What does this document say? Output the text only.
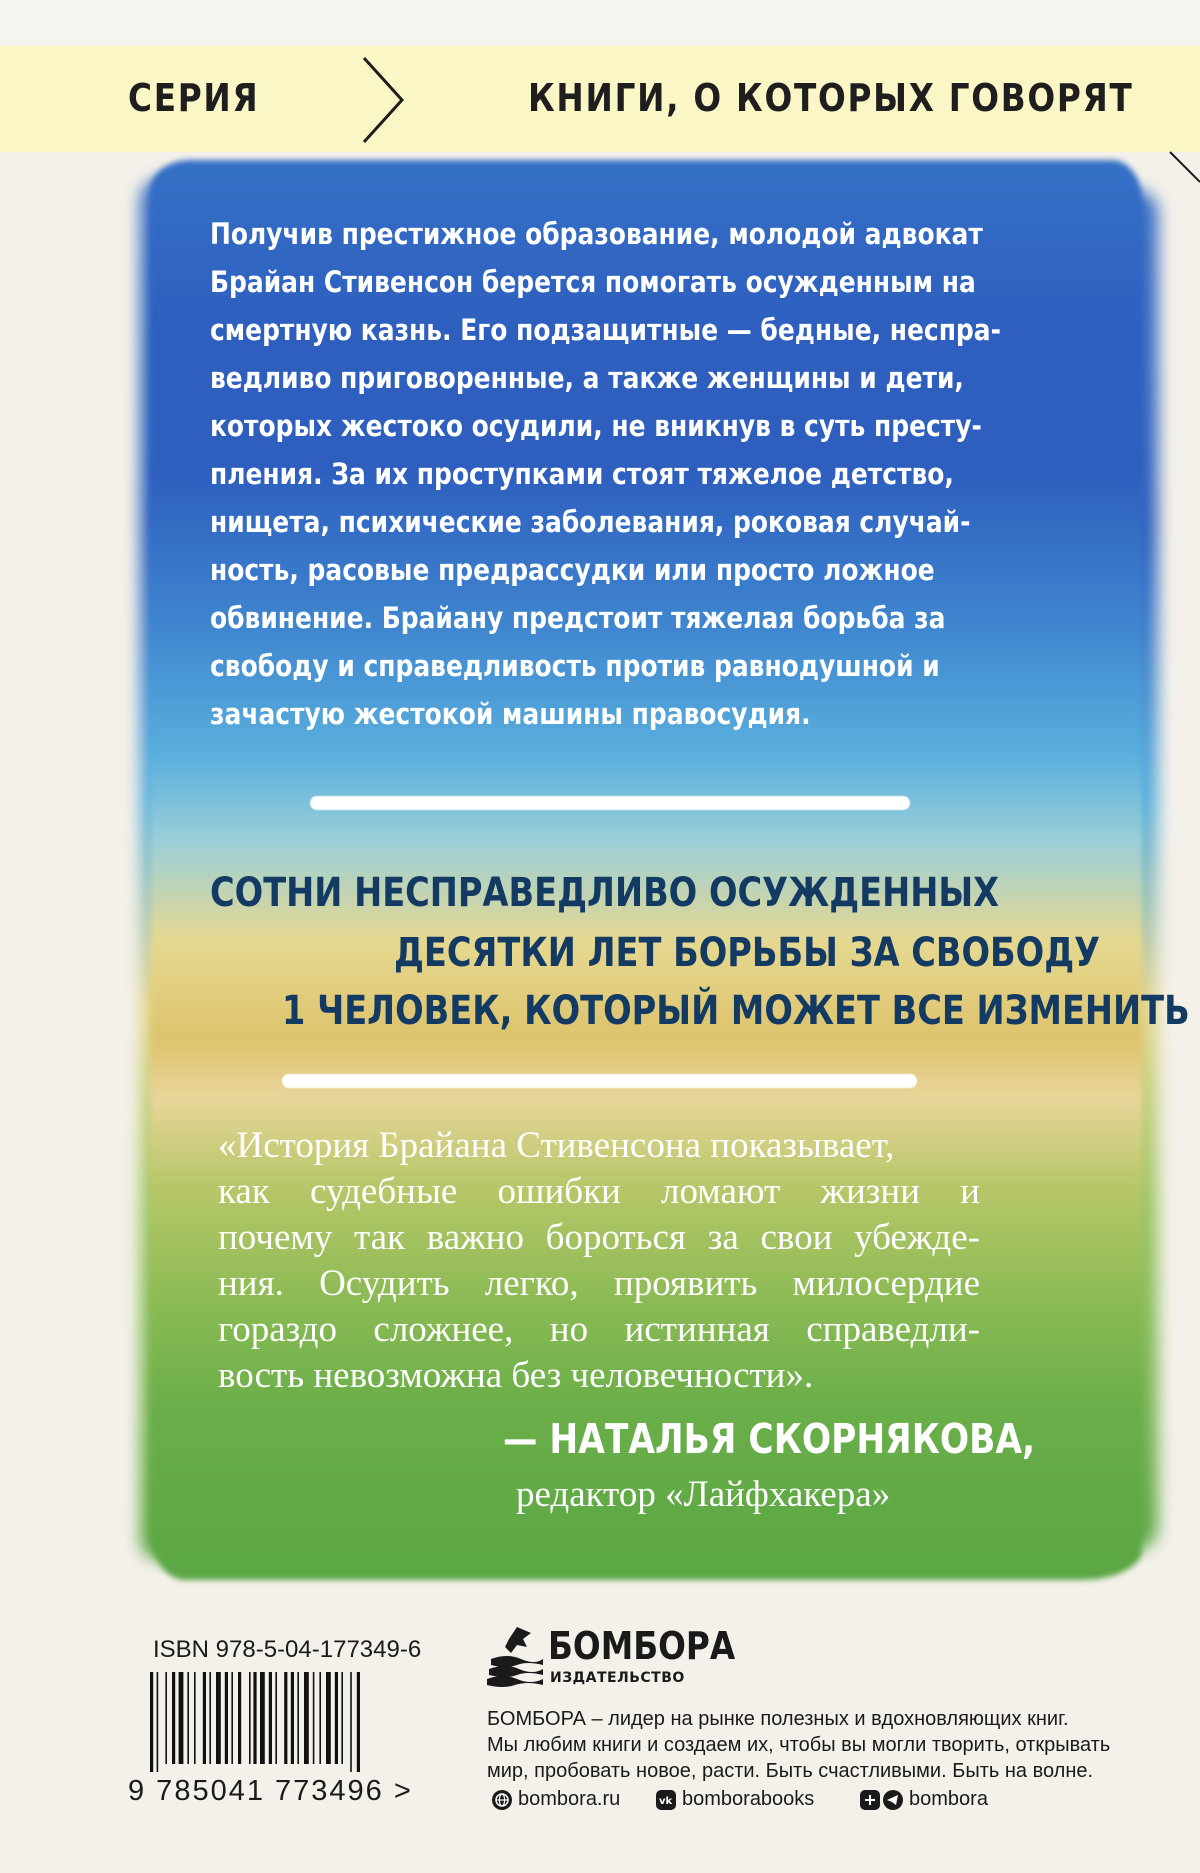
СЕРИЯ	КНИГИ, О КОТОРЫХ ГОВОРЯТ
Получив престижное образование, молодой адвокат
Брайан Стивенсон берется помогать осужденным на
смертную казнь. Его подзащитные — бедные, неспра-
ведливо приговоренные, а также женщины и дети,
которых жестоко осудили, не вникнув в суть престу-
пления. За их проступками стоят тяжелое детство,
нищета, психические заболевания, роковая случай-
ность, расовые предрассудки или просто ложное
обвинение. Брайану предстоит тяжелая борьба за
свободу и справедливость против равнодушной и
зачастую жестокой машины правосудия.
СОТНИ НЕСПРАВЕДЛИВО ОСУЖДЕННЫХ
ДЕСЯТКИ ЛЕТ БОРЬБЫ ЗА СВОБОДУ
1 ЧЕЛОВЕК, КОТОРЫЙ МОЖЕТ ВСЕ ИЗМЕНИТЬ
«История Брайана Стивенсона показывает,
как судебные ошибки ломают жизни и
почему так важно бороться за свои убежде-
ния. Осудить легко, проявить милосердие
гораздо сложнее, но истинная справедли-
вость невозможна без человечности».
— НАТАЛЬЯ СКОРНЯКОВА,
редактор «Лайфхакера»
ISBN 978-5-04-177349-6
9 785041 773496 >
БОМБОРА
ИЗДАТЕЛЬСТВО
БОМБОРА – лидер на рынке полезных и вдохновляющих книг.
Мы любим книги и создаем их, чтобы вы могли творить, открывать
мир, пробовать новое, расти. Быть счастливыми. Быть на волне.
bombora.ru	vk bomborabooks	bombora
